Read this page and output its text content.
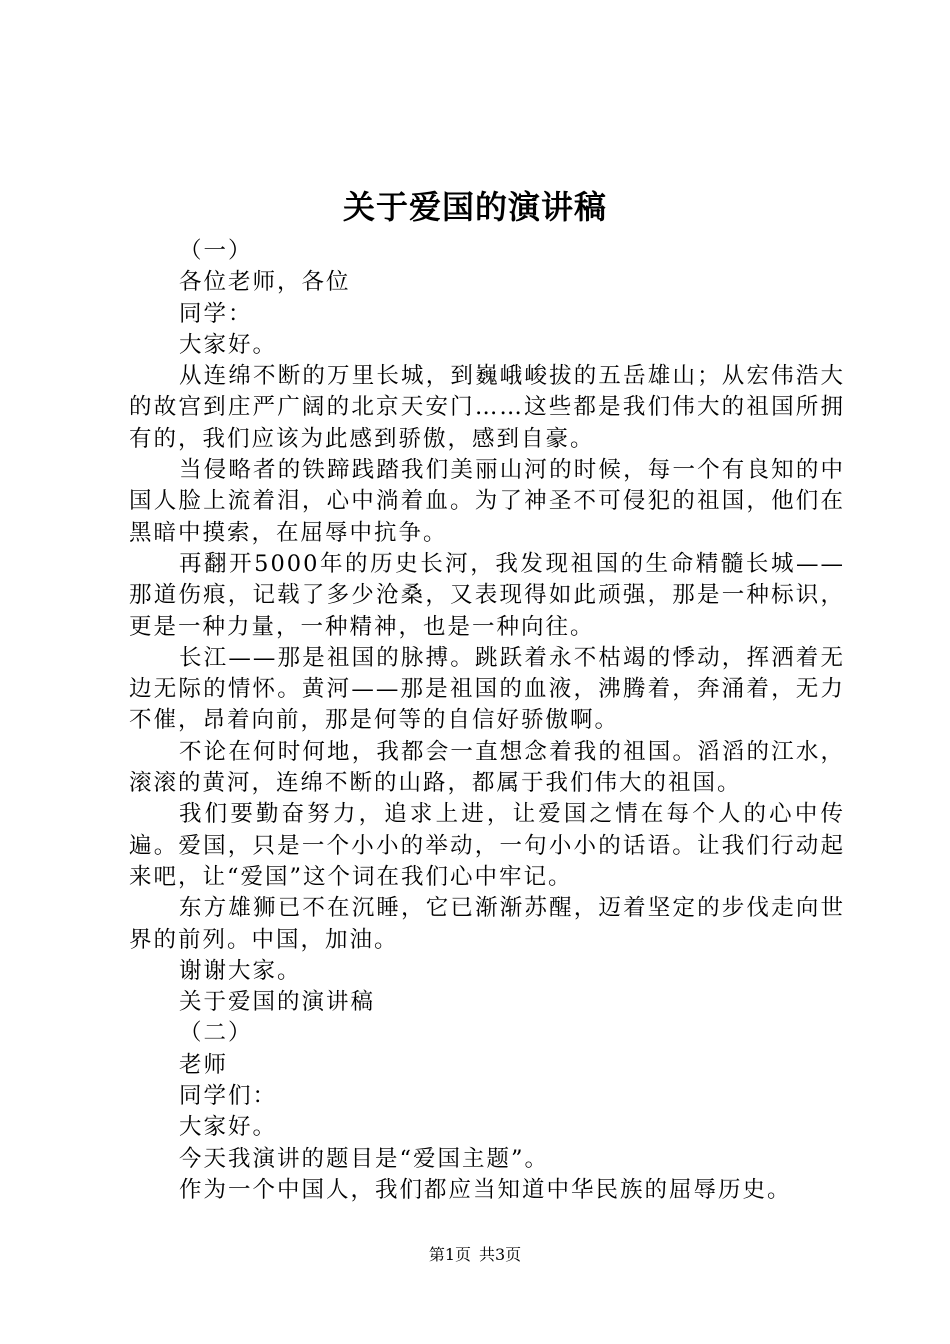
关于爱国的演讲稿

（一）

各位老师，各位

同学：

大家好。

从连绵不断的万里长城，到巍峨峻拔的五岳雄山；从宏伟浩大的故宫到庄严广阔的北京天安门……这些都是我们伟大的祖国所拥有的，我们应该为此感到骄傲，感到自豪。

当侵略者的铁蹄践踏我们美丽山河的时候，每一个有良知的中国人脸上流着泪，心中淌着血。为了神圣不可侵犯的祖国，他们在黑暗中摸索，在屈辱中抗争。

再翻开5000年的历史长河，我发现祖国的生命精髓长城——那道伤痕，记载了多少沧桑，又表现得如此顽强，那是一种标识，更是一种力量，一种精神，也是一种向往。

长江——那是祖国的脉搏。跳跃着永不枯竭的悸动，挥洒着无边无际的情怀。黄河——那是祖国的血液，沸腾着，奔涌着，无力不催，昂着向前，那是何等的自信好骄傲啊。

不论在何时何地，我都会一直想念着我的祖国。滔滔的江水，滚滚的黄河，连绵不断的山路，都属于我们伟大的祖国。

我们要勤奋努力，追求上进，让爱国之情在每个人的心中传遍。爱国，只是一个小小的举动，一句小小的话语。让我们行动起来吧，让“爱国”这个词在我们心中牢记。

东方雄狮已不在沉睡，它已渐渐苏醒，迈着坚定的步伐走向世界的前列。中国，加油。

谢谢大家。

关于爱国的演讲稿

（二）

老师

同学们：

大家好。

今天我演讲的题目是“爱国主题”。

作为一个中国人，我们都应当知道中华民族的屈辱历史。

第1页 共3页
